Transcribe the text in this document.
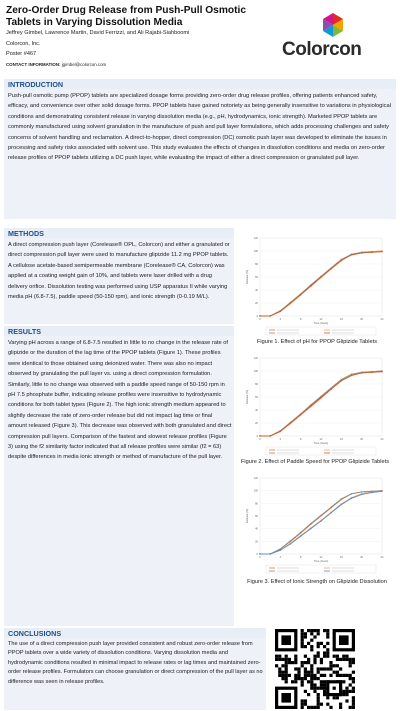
Zero-Order Drug Release from Push-Pull Osmotic Tablets in Varying Dissolution Media
Jeffrey Gimbel, Lawrence Martin, David Ferrizzi, and Ali Rajabi-Siahboomi
Colorcon, Inc.
Poster #467
CONTACT INFORMATION: jgimbel@colorcon.com
Colorcon
INTRODUCTION
Push-pull osmotic pump (PPOP) tablets are specialized dosage forms providing zero-order drug release profiles, offering patients enhanced safety, efficacy, and convenience over other solid dosage forms. PPOP tablets have gained notoriety as being generally insensitive to variations in physiological conditions and demonstrating consistent release in varying dissolution media (e.g., pH, hydrodynamics, ionic strength). Marketed PPOP tablets are commonly manufactured using solvent granulation in the manufacture of push and pull layer formulations, which adds processing challenges and safety concerns of solvent handling and reclamation. A direct-to-hopper, direct compression (DC) osmotic push layer was developed to eliminate the issues in processing and safety risks associated with solvent use. This study evaluates the effects of changes in dissolution conditions and media on zero-order release profiles of PPOP tablets utilizing a DC push layer, while evaluating the impact of either a direct compression or granulated pull layer.
METHODS
A direct compression push layer (Corelease® OPL, Colorcon) and either a granulated or direct compression pull layer were used to manufacture glipizide 11.2 mg PPOP tablets. A cellulose acetate-based semipermeable membrane (Corelease® CA, Colorcon) was applied at a coating weight gain of 10%, and tablets were laser drilled with a drug delivery orifice. Dissolution testing was performed using USP apparatus II while varying media pH (6.8-7.5), paddle speed (50-150 rpm), and ionic strength (0-0.19 M/L).
RESULTS
Varying pH across a range of 6.8-7.5 resulted in little to no change in the release rate of glipizide or the duration of the lag time of the PPOP tablets (Figure 1). These profiles were identical to those obtained using deionized water. There was also no impact observed by granulating the pull layer vs. using a direct compression formulation. Similarly, little to no change was observed with a paddle speed range of 50-150 rpm in pH 7.5 phosphate buffer, indicating release profiles were insensitive to hydrodynamic conditions for both tablet types (Figure 2). The high ionic strength medium appeared to slightly decrease the rate of zero-order release but did not impact lag time or final amount released (Figure 3). This decrease was observed with both granulated and direct compression pull layers. Comparison of the fastest and slowest release profiles (Figure 3) using the f2 similarity factor indicated that all release profiles were similar (f2 = 63) despite differences in media ionic strength or method of manufacture of the pull layer.
CONCLUSIONS
The use of a direct compression push layer provided consistent and robust zero-order release from PPOP tablets over a wide variety of dissolution conditions. Varying dissolution media and hydrodynamic conditions resulted in minimal impact to release rates or lag times and maintained zero-order release profiles. Formulators can choose granulation or direct compression of the pull layer as no difference was seen in release profiles.
0
20
40
60
80
100
120
0	4	8	12	16	20	24
Time (hours)
Release (%)
Figure 1. Effect of pH for PPOP Glipizide Tablets
0
20
40
60
80
100
120
0	4	8	12	16	20	24
Time (hours)
Release (%)
Figure 2. Effect of Paddle Speed for PPOP Glipizide Tablets
0
20
40
60
80
100
120
0	4	8	12	16	20	24
Time (hours)
Release (%)
Figure 3. Effect of Ionic Strength on Glipizide Dissolution
